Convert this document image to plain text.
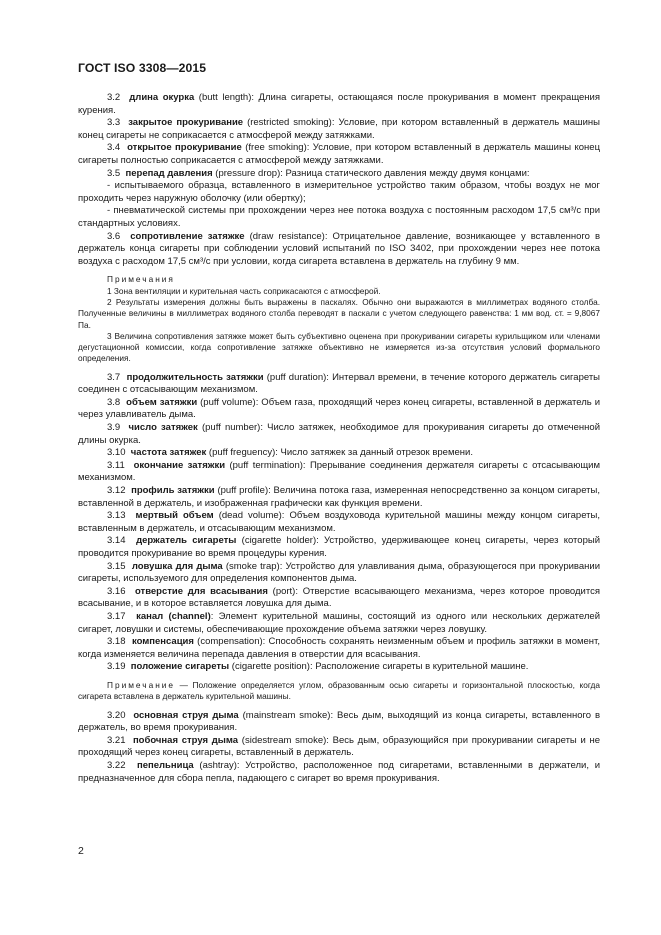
ГОСТ ISO 3308—2015

3.2 длина окурка (butt length): Длина сигареты, остающаяся после прокуривания в момент прекращения курения.

3.3 закрытое прокуривание (restricted smoking): Условие, при котором вставленный в держатель машины конец сигареты не соприкасается с атмосферой между затяжками.

3.4 открытое прокуривание (free smoking): Условие, при котором вставленный в держатель машины конец сигареты полностью соприкасается с атмосферой между затяжками.

3.5 перепад давления (pressure drop): Разница статического давления между двумя концами:

- испытываемого образца, вставленного в измерительное устройство таким образом, чтобы воздух не мог проходить через наружную оболочку (или обертку);

- пневматической системы при прохождении через нее потока воздуха с постоянным расходом 17,5 см³/с при стандартных условиях.

3.6 сопротивление затяжке (draw resistance): Отрицательное давление, возникающее у вставленного в держатель конца сигареты при соблюдении условий испытаний по ISO 3402, при прохождении через нее потока воздуха с расходом 17,5 см³/с при условии, когда сигарета вставлена в держатель на глубину 9 мм.

Примечания

1 Зона вентиляции и курительная часть соприкасаются с атмосферой.

2 Результаты измерения должны быть выражены в паскалях. Обычно они выражаются в миллиметрах водяного столба. Полученные величины в миллиметрах водяного столба переводят в паскали с учетом следующего равенства: 1 мм вод. ст. = 9,8067 Па.

3 Величина сопротивления затяжке может быть субъективно оценена при прокуривании сигареты курильщиком или членами дегустационной комиссии, когда сопротивление затяжке объективно не измеряется из-за отсутствия условий формального определения.

3.7 продолжительность затяжки (puff duration): Интервал времени, в течение которого держатель сигареты соединен с отсасывающим механизмом.

3.8 объем затяжки (puff volume): Объем газа, проходящий через конец сигареты, вставленной в держатель и через улавливатель дыма.

3.9 число затяжек (puff number): Число затяжек, необходимое для прокуривания сигареты до отмеченной длины окурка.

3.10 частота затяжек (puff freguency): Число затяжек за данный отрезок времени.

3.11 окончание затяжки (puff termination): Прерывание соединения держателя сигареты с отсасывающим механизмом.

3.12 профиль затяжки (puff profile): Величина потока газа, измеренная непосредственно за концом сигареты, вставленной в держатель, и изображенная графически как функция времени.

3.13 мертвый объем (dead volume): Объем воздуховода курительной машины между концом сигареты, вставленным в держатель, и отсасывающим механизмом.

3.14 держатель сигареты (cigarette holder): Устройство, удерживающее конец сигареты, через который проводится прокуривание во время процедуры курения.

3.15 ловушка для дыма (smoke trap): Устройство для улавливания дыма, образующегося при прокуривании сигареты, используемого для определения компонентов дыма.

3.16 отверстие для всасывания (port): Отверстие всасывающего механизма, через которое проводится всасывание, и в которое вставляется ловушка для дыма.

3.17 канал (channel): Элемент курительной машины, состоящий из одного или нескольких держателей сигарет, ловушки и системы, обеспечивающие прохождение объема затяжки через ловушку.

3.18 компенсация (compensation): Способность сохранять неизменным объем и профиль затяжки в момент, когда изменяется величина перепада давления в отверстии для всасывания.

3.19 положение сигареты (cigarette position): Расположение сигареты в курительной машине.

Примечание — Положение определяется углом, образованным осью сигареты и горизонтальной плоскостью, когда сигарета вставлена в держатель курительной машины.

3.20 основная струя дыма (mainstream smoke): Весь дым, выходящий из конца сигареты, вставленного в держатель, во время прокуривания.

3.21 побочная струя дыма (sidestream smoke): Весь дым, образующийся при прокуривании сигареты и не проходящий через конец сигареты, вставленный в держатель.

3.22 пепельница (ashtray): Устройство, расположенное под сигаретами, вставленными в держатели, и предназначенное для сбора пепла, падающего с сигарет во время прокуривания.

2
